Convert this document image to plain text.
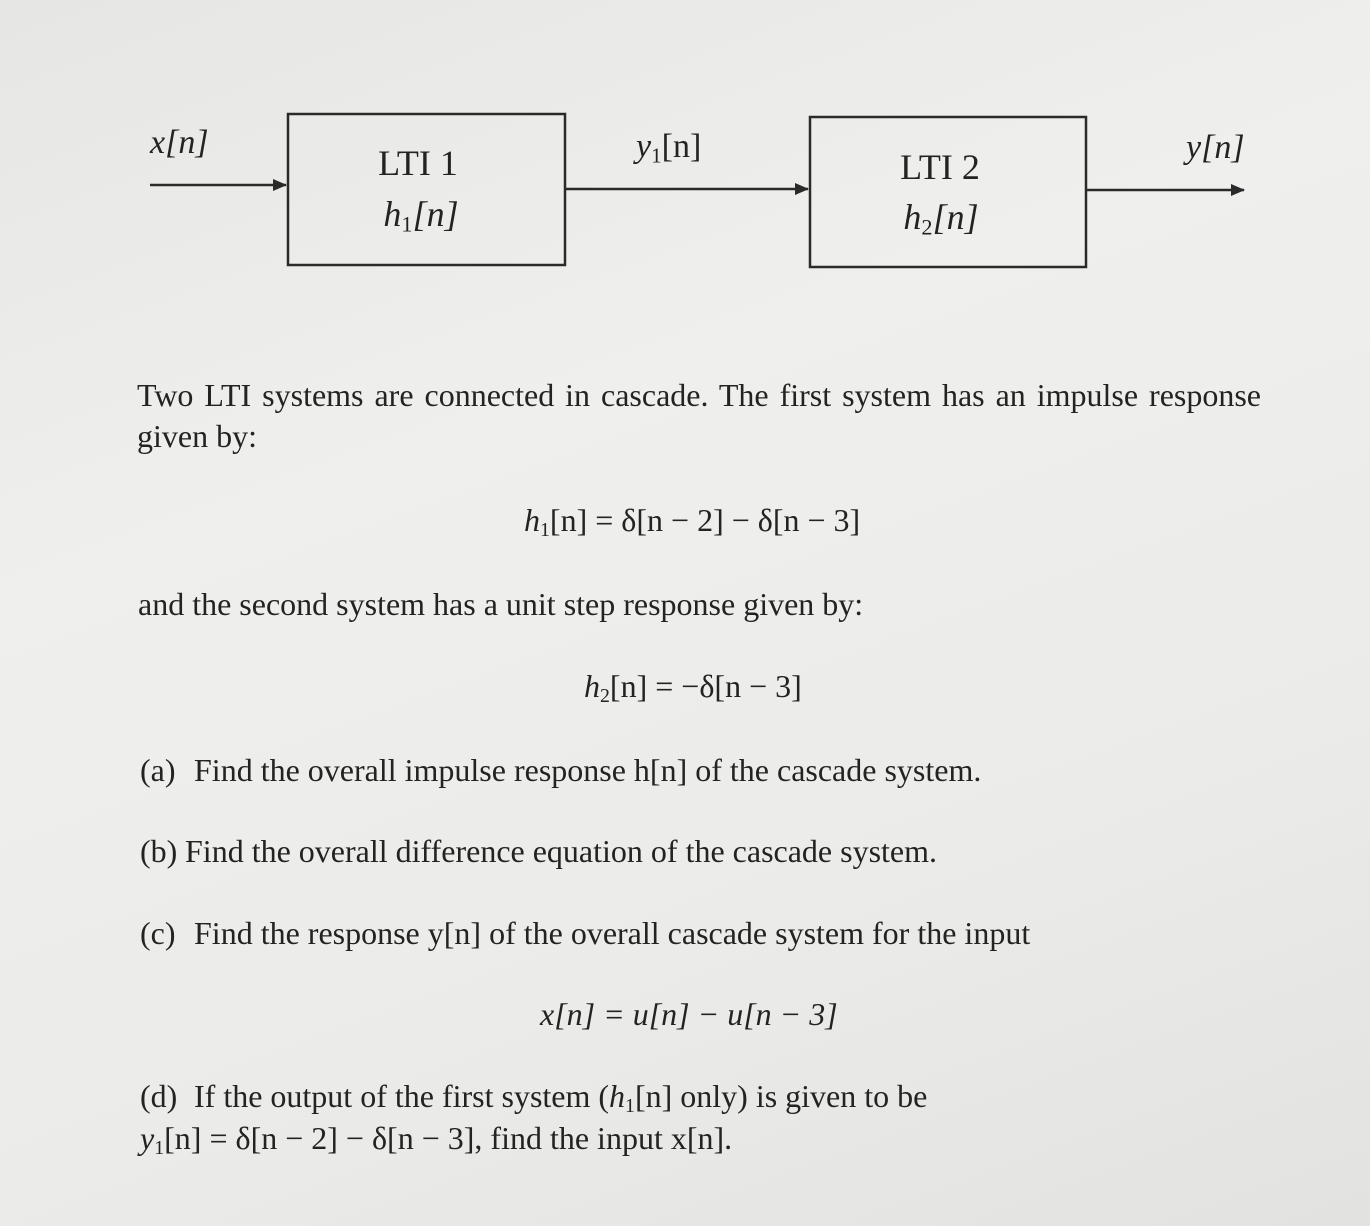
x[n]	$y_1[n]$	y[n]
LTI 1
$h_1[n]$
LTI 2
$h_2[n]$
Two LTI systems are connected in cascade. The first system has an impulse response given by:
$h_1[n] = \delta[n - 2] - \delta[n - 3]$
and the second system has a unit step response given by:
$h_2[n] = -\delta[n - 3]$
(a) Find the overall impulse response h[n] of the cascade system.
(b) Find the overall difference equation of the cascade system.
(c) Find the response y[n] of the overall cascade system for the input
x[n] = u[n] − u[n − 3]
(d) If the output of the first system ($h_1[n]$ only) is given to be
$y_1[n] = \delta[n - 2] - \delta[n - 3]$, find the input x[n].
